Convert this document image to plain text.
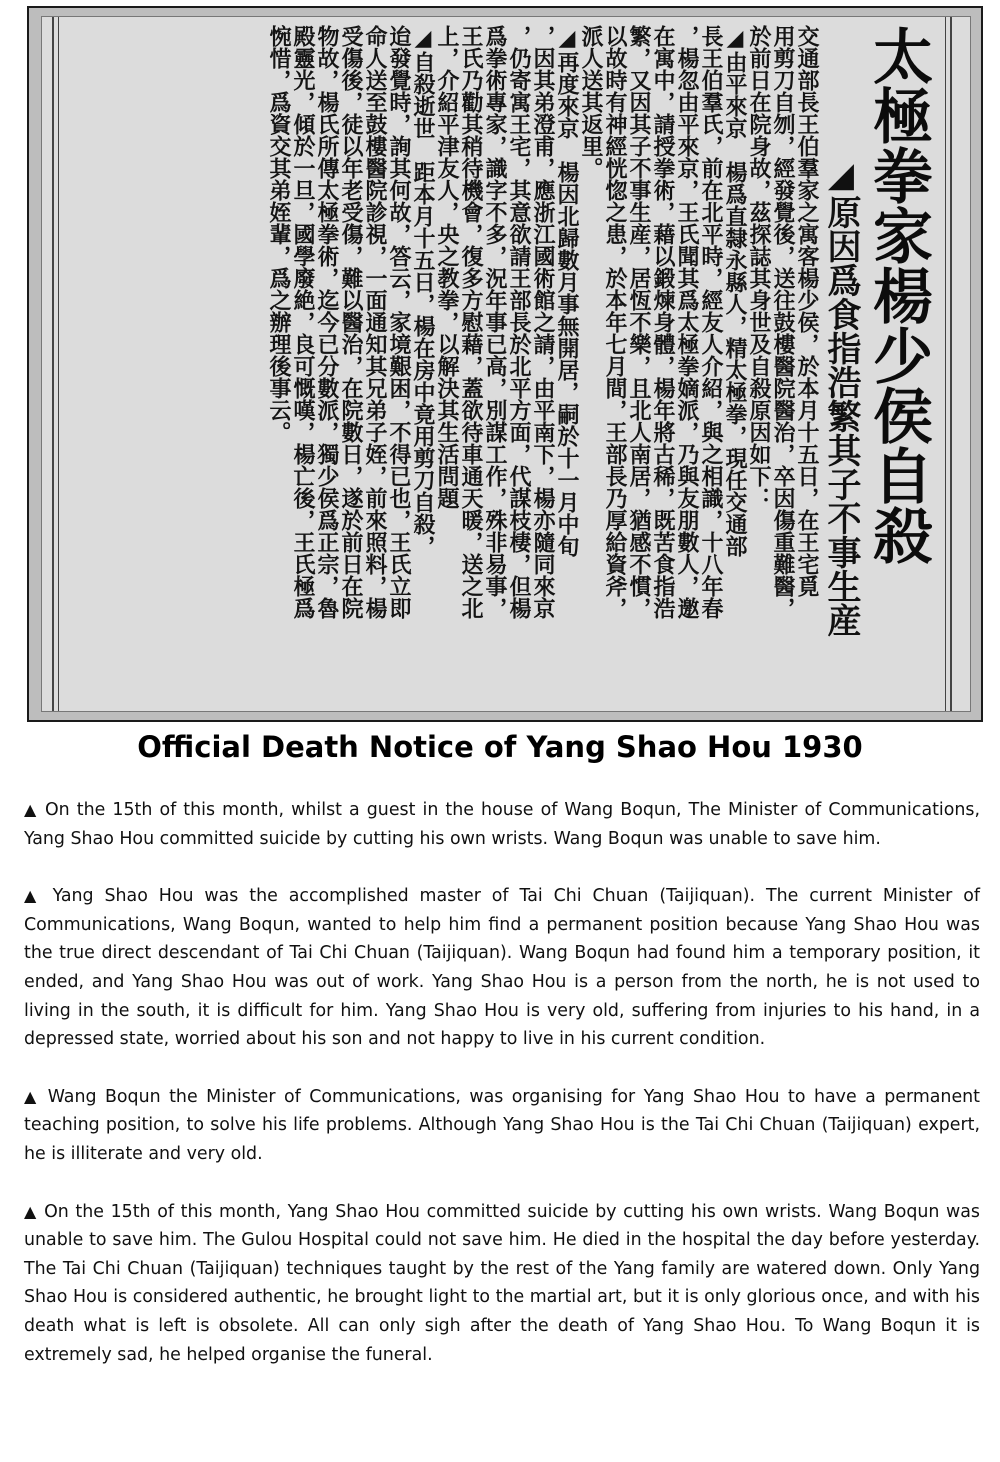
太極拳家楊少侯自殺
◢原因爲食指浩繁其子不事生産
交通部長王伯羣家之寓客楊少侯，於本月十五日，在王宅覓
用剪刀自刎，經發覺後，送往鼓樓醫院醫治，卒因傷重難醫，
於前日在院身故，茲探誌其身世及自殺原因如下：
◢由平來京　楊爲直隸永縣人，精太極拳，現任交通部
長王伯羣氏，前在北平時，經友人介紹，與之相識，十八年春
，楊忽由平來京，王氏聞其爲太極拳嫡派，乃與友朋數人，邀
在寓中，請授拳術，藉以鍛煉身體，楊年將古稀，既苦食指浩
繁，又因其子不事生産，居恆不樂，且北人南居，猶感不慣，
以故時有神經恍惚之患，於本年七月間，王部長乃厚給資斧，
派人送其返里。
◢再度來京　楊因北歸數月事無開居，嗣於十一月中旬
，因其弟澄甫，應浙江國術館之請，由平南下，楊亦隨同來京
，仍寄寓王宅，其意欲請王部長於北平方面，代謀枝棲，但楊
爲拳術專家，識字不多，況年事已高，別謀工作，殊非易事，
王氏乃勸其稍待機會，復多方慰藉，蓋欲待車通天暖，送之北
上，介紹平津友人，央之教拳，以解決其生活問題
◢自殺逝世　距本月十五日，楊在房中竟用剪刀自殺，
迨發覺時，詢其何故，答云，家境艱困，不得已也，王氏立即
命人送至鼓樓醫院診視，一面通知其兄弟子姪，前來照料，楊
受傷後，徒以年老受傷，難以醫治，在院數日，遂於前日在院
物故，楊氏所傳太極拳術，迄今已分數派，獨少侯爲正宗，魯
殿靈光，傾於一旦，國學廢絶，良可慨嘆，楊亡後，王氏極爲
惋惜，爲資交其弟姪輩，爲之辦理後事云。
Official Death Notice of Yang Shao Hou 1930

▲ On the 15th of this month, whilst a guest in the house of Wang Boqun, The Minister of Communications, Yang Shao Hou committed suicide by cutting his own wrists. Wang Boqun was unable to save him.

▲ Yang Shao Hou was the accomplished master of Tai Chi Chuan (Taijiquan). The current Minister of Communications, Wang Boqun, wanted to help him find a permanent position because Yang Shao Hou was the true direct descendant of Tai Chi Chuan (Taijiquan). Wang Boqun had found him a temporary position, it ended, and Yang Shao Hou was out of work. Yang Shao Hou is a person from the north, he is not used to living in the south, it is difficult for him. Yang Shao Hou is very old, suffering from injuries to his hand, in a depressed state, worried about his son and not happy to live in his current condition.

▲ Wang Boqun the Minister of Communications, was organising for Yang Shao Hou to have a permanent teaching position, to solve his life problems. Although Yang Shao Hou is the Tai Chi Chuan (Taijiquan) expert, he is illiterate and very old.

▲ On the 15th of this month, Yang Shao Hou committed suicide by cutting his own wrists. Wang Boqun was unable to save him. The Gulou Hospital could not save him. He died in the hospital the day before yesterday. The Tai Chi Chuan (Taijiquan) techniques taught by the rest of the Yang family are watered down. Only Yang Shao Hou is considered authentic, he brought light to the martial art, but it is only glorious once, and with his death what is left is obsolete. All can only sigh after the death of Yang Shao Hou. To Wang Boqun it is extremely sad, he helped organise the funeral.
